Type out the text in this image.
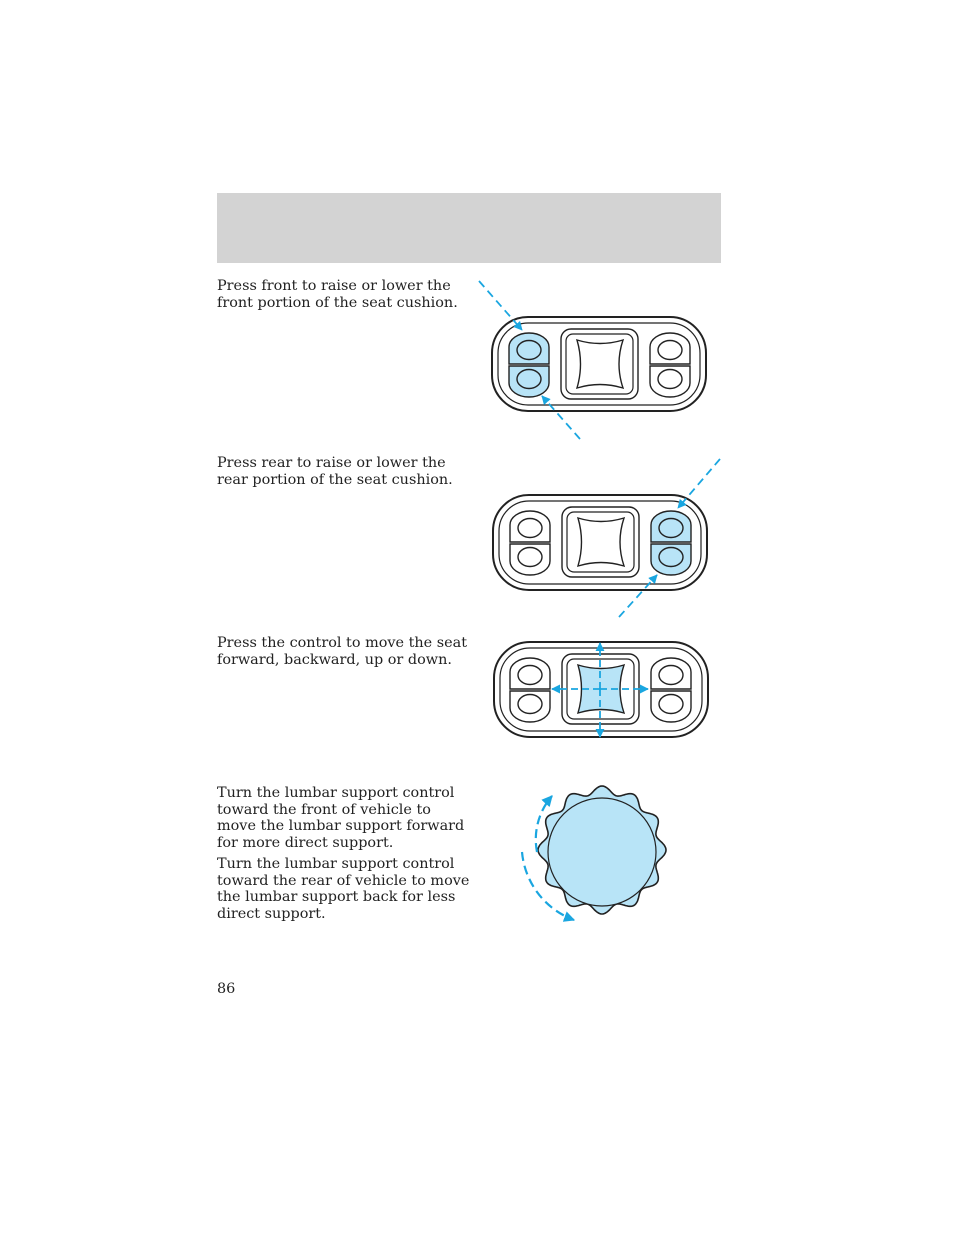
Press front to raise or lower the front portion of the seat cushion.

Press rear to raise or lower the rear portion of the seat cushion.

Press the control to move the seat forward, backward, up or down.

Turn the lumbar support control toward the front of vehicle to move the lumbar support forward for more direct support.

Turn the lumbar support control toward the rear of vehicle to move the lumbar support back for less direct support.

86
